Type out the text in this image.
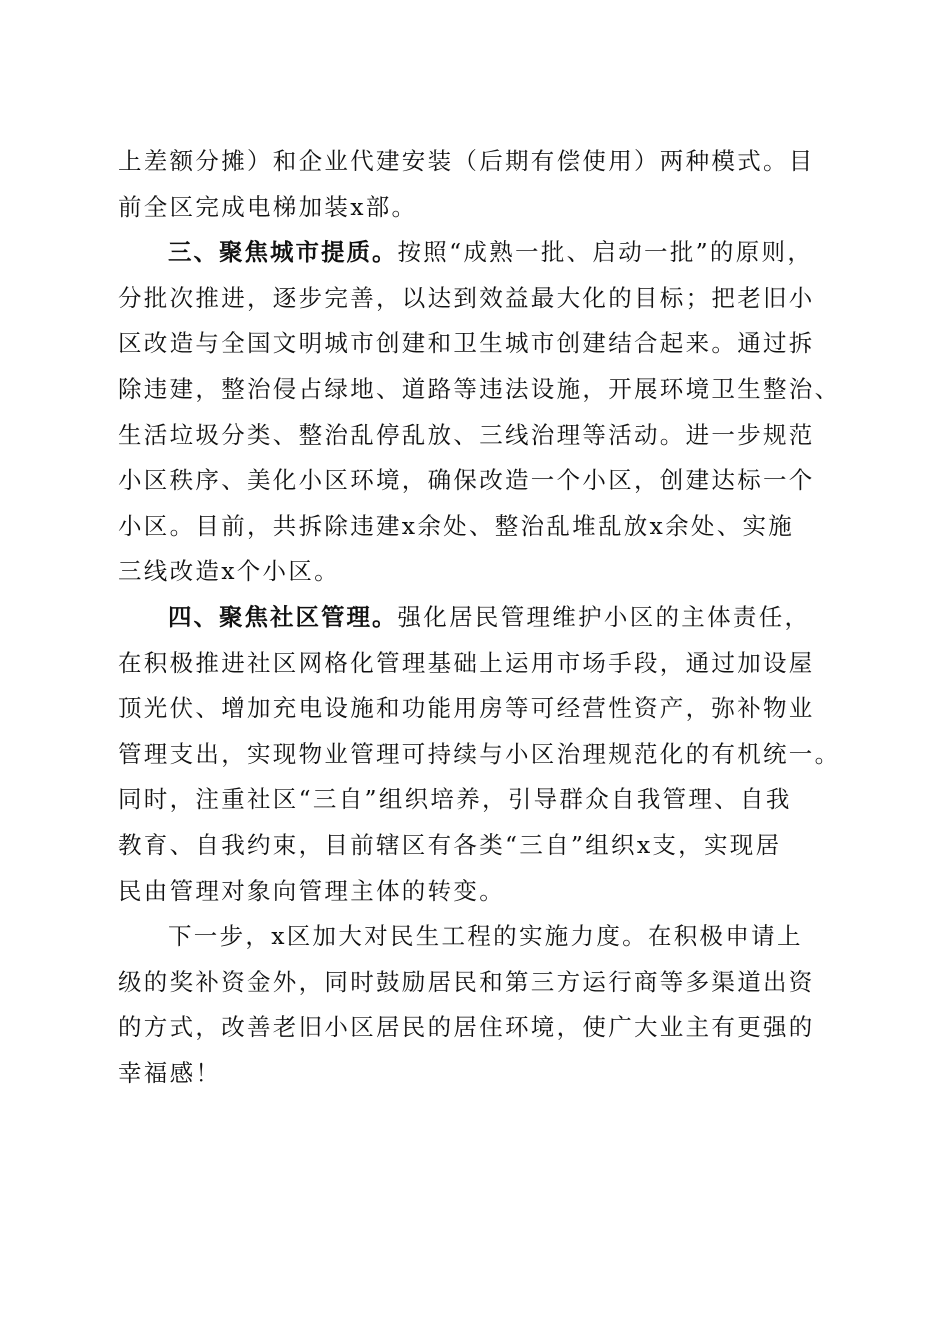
上差额分摊）和企业代建安装（后期有偿使用）两种模式。目
前全区完成电梯加装x部。
三、聚焦城市提质。按照“成熟一批、启动一批”的原则，
分批次推进，逐步完善，以达到效益最大化的目标；把老旧小
区改造与全国文明城市创建和卫生城市创建结合起来。通过拆
除违建，整治侵占绿地、道路等违法设施，开展环境卫生整治、
生活垃圾分类、整治乱停乱放、三线治理等活动。进一步规范
小区秩序、美化小区环境，确保改造一个小区，创建达标一个
小区。目前，共拆除违建x余处、整治乱堆乱放x余处、实施
三线改造x个小区。
四、聚焦社区管理。强化居民管理维护小区的主体责任，
在积极推进社区网格化管理基础上运用市场手段，通过加设屋
顶光伏、增加充电设施和功能用房等可经营性资产，弥补物业
管理支出，实现物业管理可持续与小区治理规范化的有机统一。
同时，注重社区“三自”组织培养，引导群众自我管理、自我
教育、自我约束，目前辖区有各类“三自”组织x支，实现居
民由管理对象向管理主体的转变。
下一步，x区加大对民生工程的实施力度。在积极申请上
级的奖补资金外，同时鼓励居民和第三方运行商等多渠道出资
的方式，改善老旧小区居民的居住环境，使广大业主有更强的
幸福感！
